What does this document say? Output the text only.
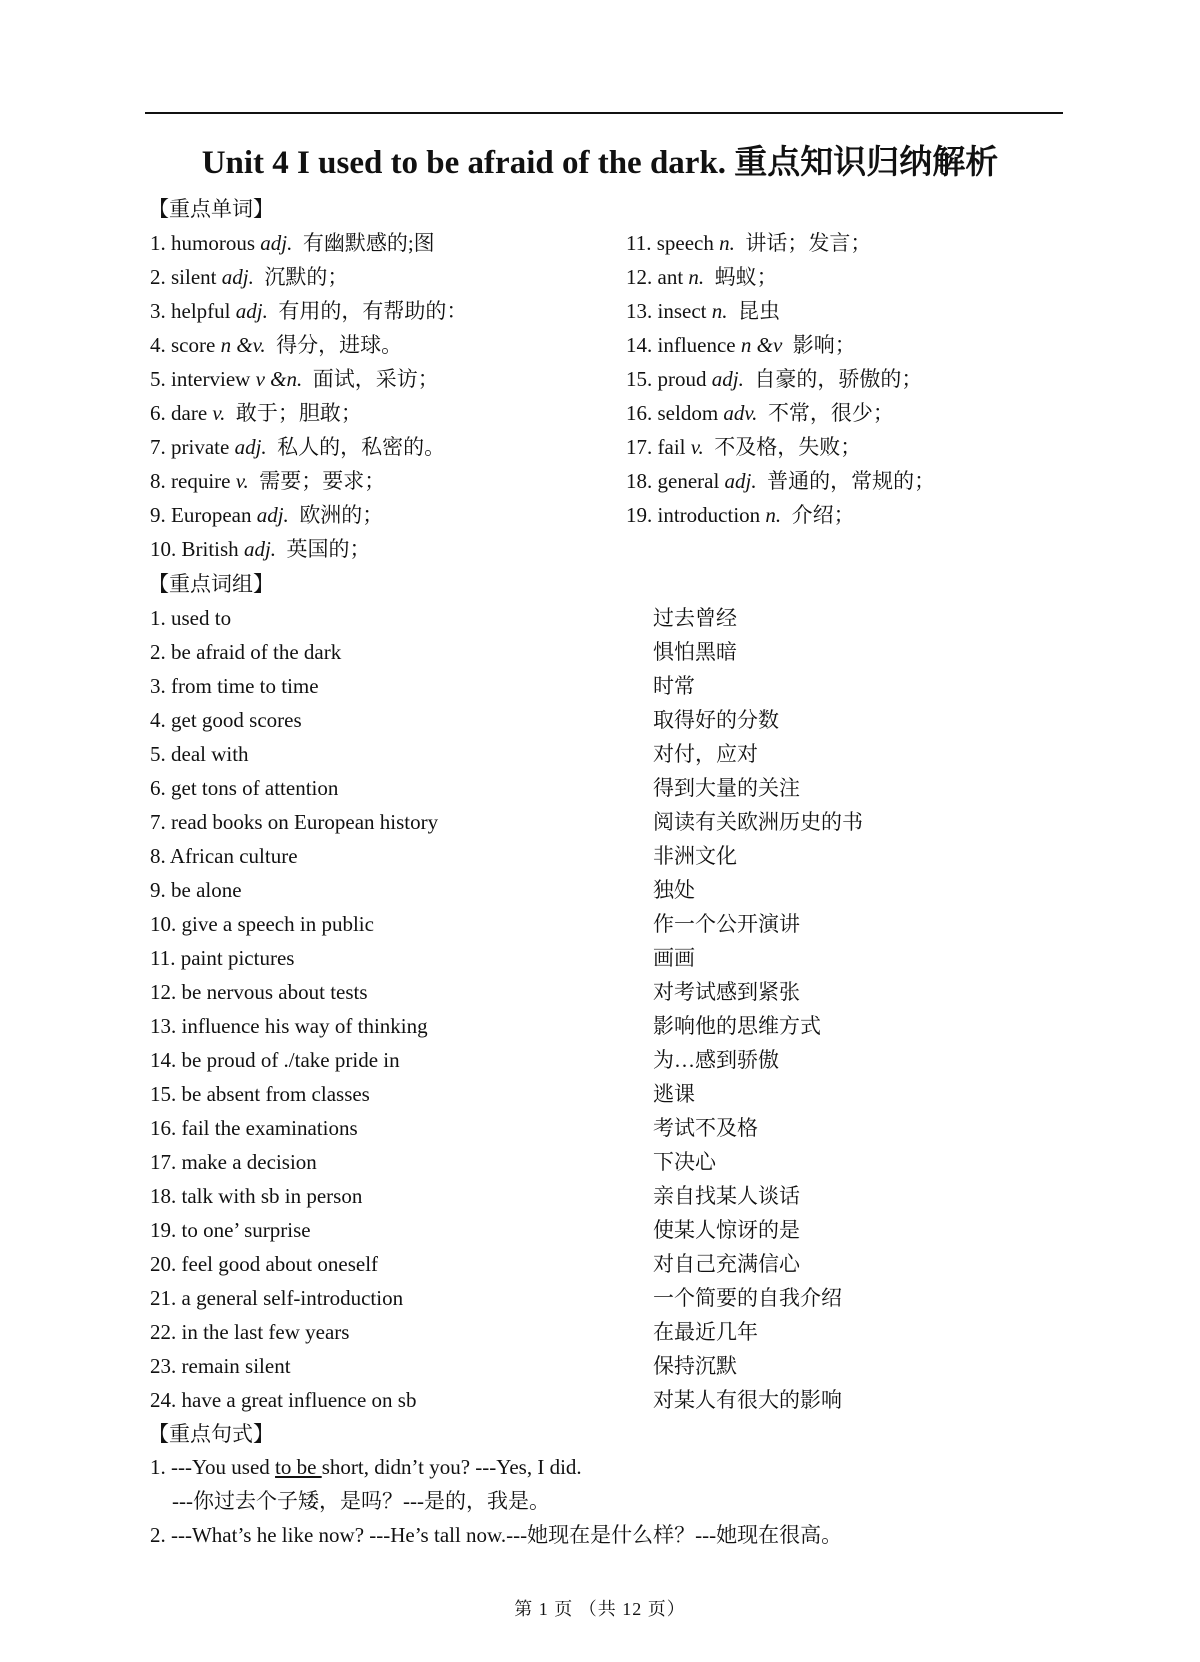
Unit 4 I used to be afraid of the dark. 重点知识归纳解析
【重点单词】
1. humorous adj. 有幽默感的;图
2. silent adj. 沉默的；
3. helpful adj. 有用的，有帮助的：
4. score n &v. 得分，进球。
5. interview v &n. 面试，采访；
6. dare v. 敢于；胆敢；
7. private adj. 私人的，私密的。
8. require v. 需要；要求；
9. European adj. 欧洲的；
10. British adj. 英国的；
11. speech n. 讲话；发言；
12. ant n. 蚂蚁；
13. insect n. 昆虫
14. influence n &v 影响；
15. proud adj. 自豪的，骄傲的；
16. seldom adv. 不常，很少；
17. fail v. 不及格，失败；
18. general adj. 普通的，常规的；
19. introduction n. 介绍；
【重点词组】
1. used to
2. be afraid of the dark
3. from time to time
4. get good scores
5. deal with
6. get tons of attention
7. read books on European history
8. African culture
9. be alone
10. give a speech in public
11. paint pictures
12. be nervous about tests
13. influence his way of thinking
14. be proud of ./take pride in
15. be absent from classes
16. fail the examinations
17. make a decision
18. talk with sb in person
19. to one’ surprise
20. feel good about oneself
21. a general self-introduction
22. in the last few years
23. remain silent
24. have a great influence on sb
过去曾经
惧怕黑暗
时常
取得好的分数
对付，应对
得到大量的关注
阅读有关欧洲历史的书
非洲文化
独处
作一个公开演讲
画画
对考试感到紧张
影响他的思维方式
为…感到骄傲
逃课
考试不及格
下决心
亲自找某人谈话
使某人惊讶的是
对自己充满信心
一个简要的自我介绍
在最近几年
保持沉默
对某人有很大的影响
【重点句式】
1. ---You used to be short, didn’t you? ---Yes, I did.
---你过去个子矮，是吗？---是的，我是。
2. ---What’s he like now? ---He’s tall now.---她现在是什么样？---她现在很高。
第 1 页 （共 12 页）
